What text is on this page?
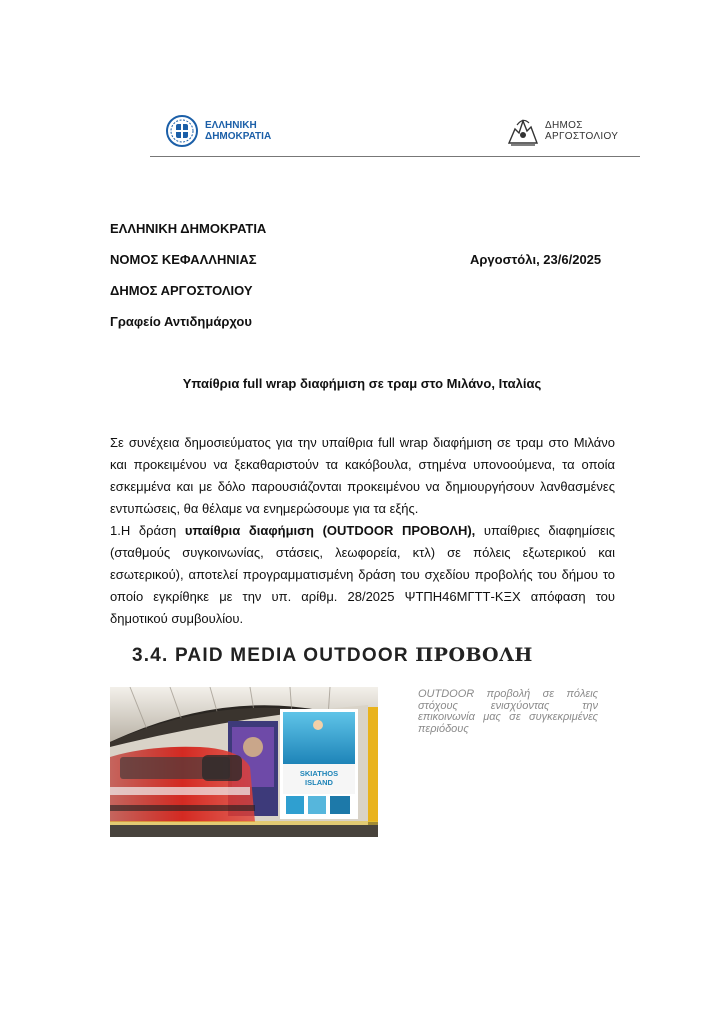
ΕΛΛΗΝΙΚΗ
ΔΗΜΟΚΡΑΤΙΑ
ΔΗΜΟΣ
ΑΡΓΟΣΤΟΛΙΟΥ
ΕΛΛΗΝΙΚΗ ΔΗΜΟΚΡΑΤΙΑ
ΝΟΜΟΣ ΚΕΦΑΛΛΗΝΙΑΣ	Αργοστόλι, 23/6/2025
ΔΗΜΟΣ ΑΡΓΟΣΤΟΛΙΟΥ
Γραφείο Αντιδημάρχου
Υπαίθρια full wrap διαφήμιση σε τραμ στο Μιλάνο, Ιταλίας
Σε συνέχεια δημοσιεύματος για την υπαίθρια full wrap διαφήμιση σε τραμ στο Μιλάνο και προκειμένου να ξεκαθαριστούν τα κακόβουλα, στημένα υπονοούμενα, τα οποία εσκεμμένα και με δόλο παρουσιάζονται προκειμένου να δημιουργήσουν λανθασμένες εντυπώσεις, θα θέλαμε να ενημερώσουμε για τα εξής.
1.Η δράση υπαίθρια διαφήμιση (OUTDOOR ΠΡΟΒΟΛΗ), υπαίθριες διαφημίσεις (σταθμούς συγκοινωνίας, στάσεις, λεωφορεία, κτλ) σε πόλεις εξωτερικού και εσωτερικού), αποτελεί προγραμματισμένη δράση του σχεδίου προβολής του δήμου το οποίο εγκρίθηκε με την υπ. αρίθμ. 28/2025 ΨΤΠΗ46ΜΓΤΤ-ΚΞΧ απόφαση του δημοτικού συμβουλίου.
3.4. PAID MEDIA OUTDOOR ΠΡΟΒΟΛΗ
SKIATHOS
ISLAND
OUTDOOR προβολή σε πόλεις στόχους ενισχύοντας την επικοινωνία μας σε συγκεκριμένες περιόδους
